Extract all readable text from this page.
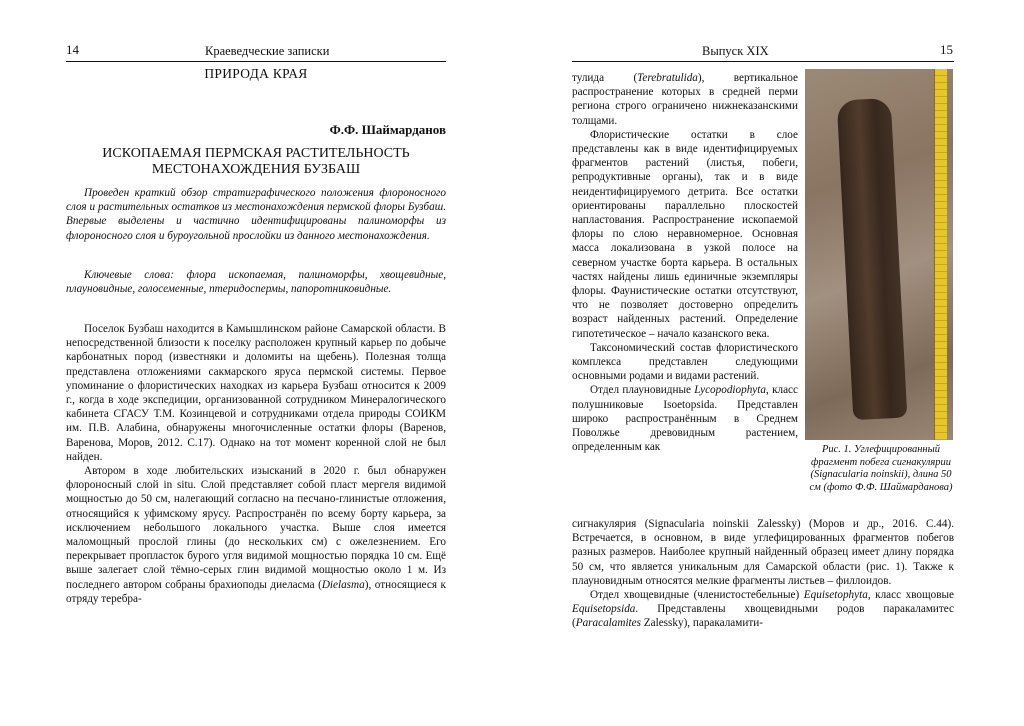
14	Краеведческие записки
ПРИРОДА КРАЯ
Ф.Ф. Шаймарданов
ИСКОПАЕМАЯ ПЕРМСКАЯ РАСТИТЕЛЬНОСТЬ
МЕСТОНАХОЖДЕНИЯ БУЗБАШ

Проведен краткий обзор стратиграфического положения флороносного слоя и растительных остатков из местонахождения пермской флоры Бузбаш. Впервые выделены и частично идентифицированы палиноморфы из флороносного слоя и буроугольной прослойки из данного местонахождения.

Ключевые слова: флора ископаемая, палиноморфы, хвощевидные, плауновидные, голосеменные, птеридоспермы, папоротниковидные.

Поселок Бузбаш находится в Камышлинском районе Самарской области. В непосредственной близости к поселку расположен крупный карьер по добыче карбонатных пород (известняки и доломиты на щебень). Полезная толща представлена отложениями сакмарского яруса пермской системы. Первое упоминание о флористических находках из карьера Бузбаш относится к 2009 г., когда в ходе экспедиции, организованной сотрудником Минералогического кабинета СГАСУ Т.М. Козинцевой и сотрудниками отдела природы СОИКМ им. П.В. Алабина, обнаружены многочисленные остатки флоры (Варенов, Варенова, Моров, 2012. С.17). Однако на тот момент коренной слой не был найден.

Автором в ходе любительских изысканий в 2020 г. был обнаружен флороносный слой in situ. Слой представляет собой пласт мергеля видимой мощностью до 50 см, налегающий согласно на песчано-глинистые отложения, относящийся к уфимскому ярусу. Распространён по всему борту карьера, за исключением небольшого локального участка. Выше слоя имеется маломощный прослой глины (до нескольких см) с ожелезнением. Его перекрывает пропласток бурого угля видимой мощностью порядка 10 см. Ещё выше залегает слой тёмно-серых глин видимой мощностью около 1 м. Из последнего автором собраны брахиоподы диеласма (Dielasma), относящиеся к отряду теребра-

Выпуск XIX	15

тулида (Terebratulida), вертикальное распространение которых в средней перми региона строго ограничено нижнеказанскими толщами.

Флористические остатки в слое представлены как в виде идентифицируемых фрагментов растений (листья, побеги, репродуктивные органы), так и в виде неидентифицируемого детрита. Все остатки ориентированы параллельно плоскостей напластования. Распространение ископаемой флоры по слою неравномерное. Основная масса локализована в узкой полосе на северном участке борта карьера. В остальных частях найдены лишь единичные экземпляры флоры. Фаунистические остатки отсутствуют, что не позволяет достоверно определить возраст найденных растений. Определение гипотетическое – начало казанского века.

Таксономический состав флористического комплекса представлен следующими основными родами и видами растений.

Отдел плауновидные Lycopodiophyta, класс полушниковые Isoetopsida. Представлен широко распространённым в Среднем Поволжье древовидным растением, определенным как	Рис. 1. Углефицированный фрагмент побега сигнакулярии (Signacularia noinskii), длина 50 см (фото Ф.Ф. Шаймарданова)

сигнакулярия (Signacularia noinskii Zalessky) (Моров и др., 2016. С.44). Встречается, в основном, в виде углефицированных фрагментов побегов разных размеров. Наиболее крупный найденный образец имеет длину порядка 50 см, что является уникальным для Самарской области (рис. 1). Также к плауновидным относятся мелкие фрагменты листьев – филлоидов.

Отдел хвощевидные (членистостебельные) Equisetophyta, класс хвощовые Equisetopsida. Представлены хвощевидными родов паракаламитес (Paracalamites Zalessky), паракаламити-
